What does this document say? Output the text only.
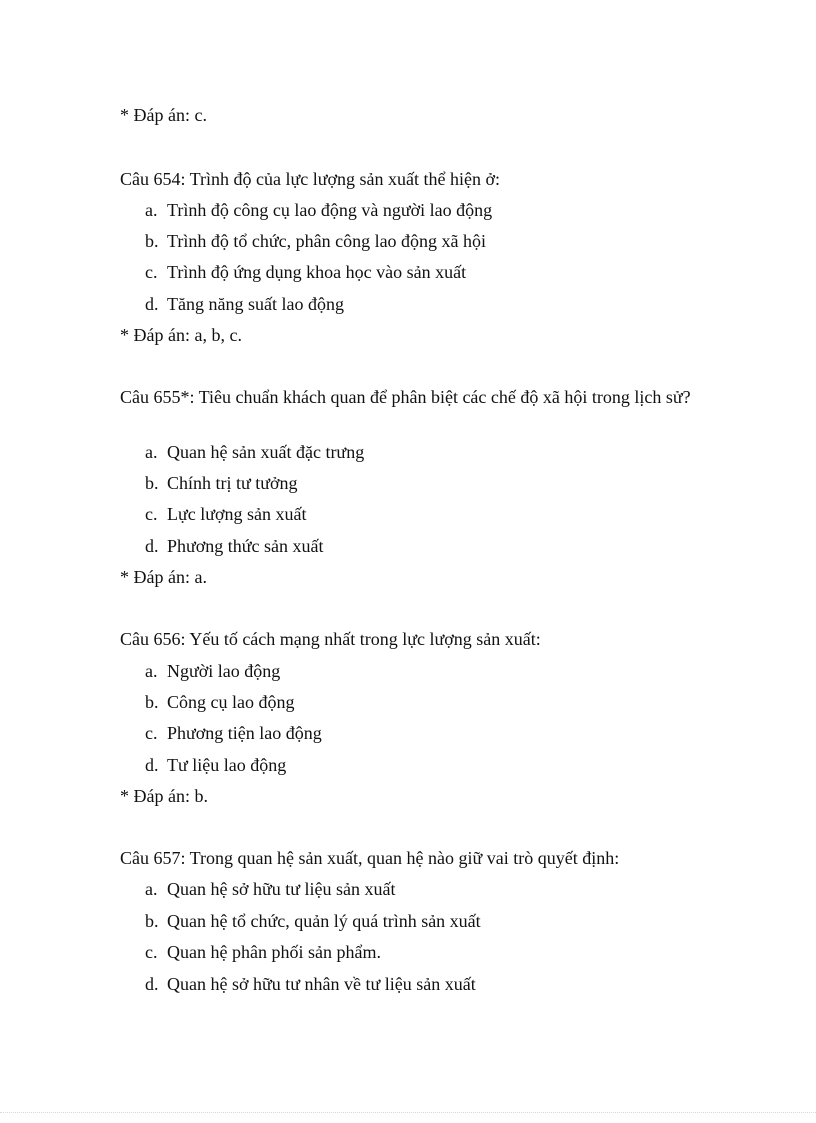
* Đáp án: c.
Câu 654: Trình độ của lực lượng sản xuất thể hiện ở:
a. Trình độ công cụ lao động và người lao động
b. Trình độ tổ chức, phân công lao động xã hội
c. Trình độ ứng dụng khoa học vào sản xuất
d. Tăng năng suất lao động
* Đáp án: a, b, c.
Câu 655*: Tiêu chuẩn khách quan để phân biệt các chế độ xã hội trong lịch sử?
a. Quan hệ sản xuất đặc trưng
b. Chính trị tư tưởng
c. Lực lượng sản xuất
d. Phương thức sản xuất
* Đáp án: a.
Câu 656: Yếu tố cách mạng nhất trong lực lượng sản xuất:
a. Người lao động
b. Công cụ lao động
c. Phương tiện lao động
d. Tư liệu lao động
* Đáp án: b.
Câu 657: Trong quan hệ sản xuất, quan hệ nào giữ vai trò quyết định:
a. Quan hệ sở hữu tư liệu sản xuất
b. Quan hệ tổ chức, quản lý quá trình sản xuất
c. Quan hệ phân phối sản phẩm.
d. Quan hệ sở hữu tư nhân về tư liệu sản xuất
